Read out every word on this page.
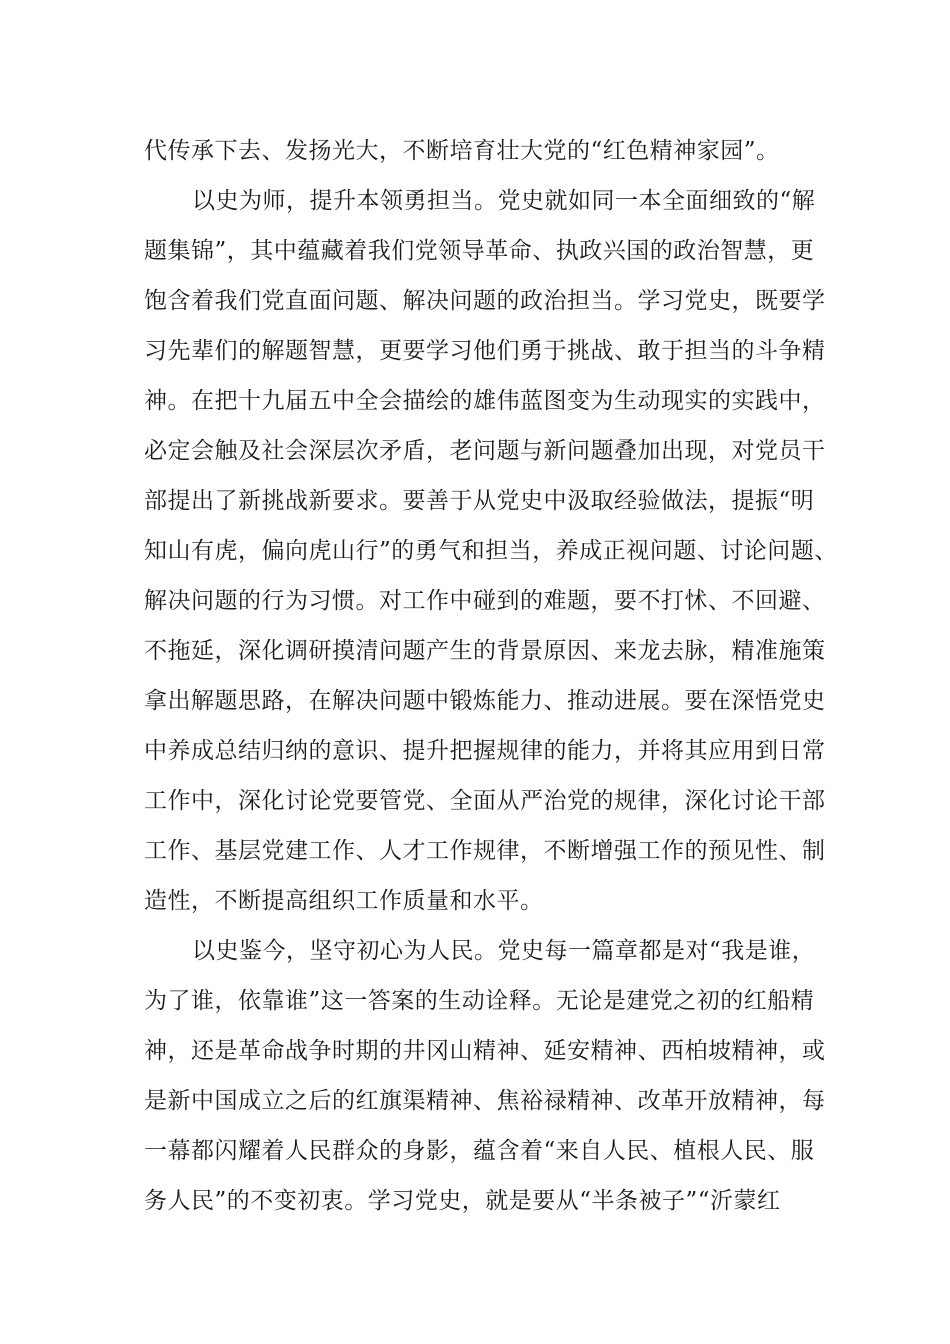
代传承下去、发扬光大，不断培育壮大党的“红色精神家园”。

以史为师，提升本领勇担当。党史就如同一本全面细致的“解

题集锦”，其中蕴藏着我们党领导革命、执政兴国的政治智慧，更

饱含着我们党直面问题、解决问题的政治担当。学习党史，既要学

习先辈们的解题智慧，更要学习他们勇于挑战、敢于担当的斗争精

神。在把十九届五中全会描绘的雄伟蓝图变为生动现实的实践中，

必定会触及社会深层次矛盾，老问题与新问题叠加出现，对党员干

部提出了新挑战新要求。要善于从党史中汲取经验做法，提振“明

知山有虎，偏向虎山行”的勇气和担当，养成正视问题、讨论问题、

解决问题的行为习惯。对工作中碰到的难题，要不打怵、不回避、

不拖延，深化调研摸清问题产生的背景原因、来龙去脉，精准施策

拿出解题思路，在解决问题中锻炼能力、推动进展。要在深悟党史

中养成总结归纳的意识、提升把握规律的能力，并将其应用到日常

工作中，深化讨论党要管党、全面从严治党的规律，深化讨论干部

工作、基层党建工作、人才工作规律，不断增强工作的预见性、制

造性，不断提高组织工作质量和水平。

以史鉴今，坚守初心为人民。党史每一篇章都是对“我是谁，

为了谁，依靠谁”这一答案的生动诠释。无论是建党之初的红船精

神，还是革命战争时期的井冈山精神、延安精神、西柏坡精神，或

是新中国成立之后的红旗渠精神、焦裕禄精神、改革开放精神，每

一幕都闪耀着人民群众的身影，蕴含着“来自人民、植根人民、服

务人民”的不变初衷。学习党史，就是要从“半条被子”“沂蒙红
